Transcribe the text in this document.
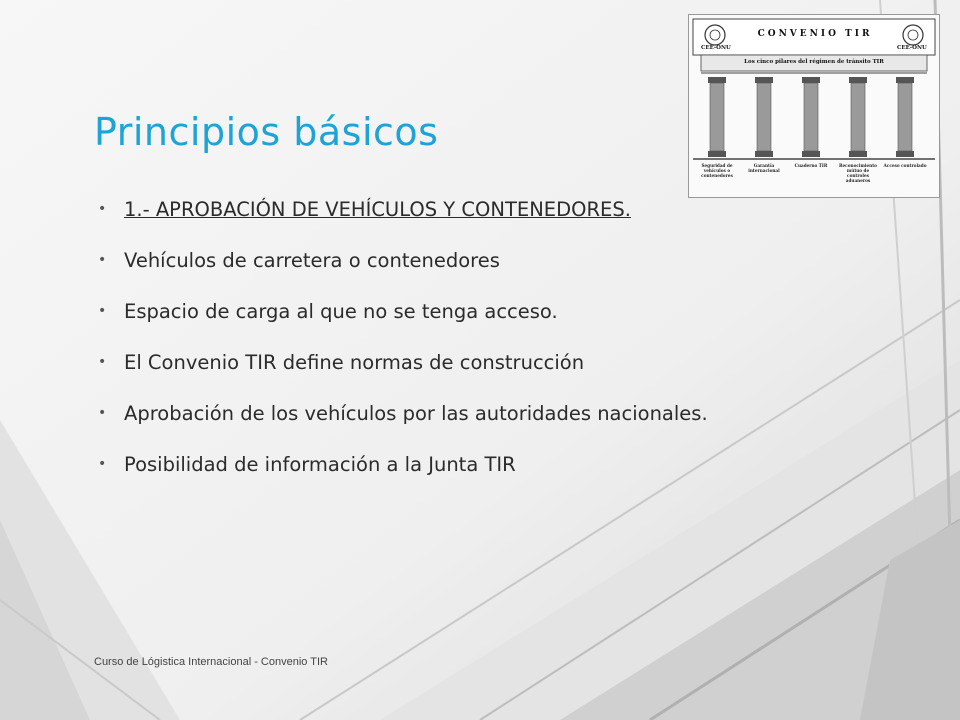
Principios básicos
• 1.- APROBACIÓN DE VEHÍCULOS Y CONTENEDORES.
• Vehículos de carretera o contenedores
• Espacio de carga al que no se tenga acceso.
• El Convenio TIR define normas de construcción
• Aprobación de los vehículos por las autoridades nacionales.
• Posibilidad de información a la Junta TIR
CONVENIO TIR
CEE-ONU	CEE-ONU
Los cinco pilares del régimen de tránsito TIR
Seguridad de vehículos o contenedores
Garantía internacional
Cuaderno TIR	Reconocimiento mútuo de controles aduaneros
Acceso controlado
Curso de Lógistica Internacional - Convenio TIR
